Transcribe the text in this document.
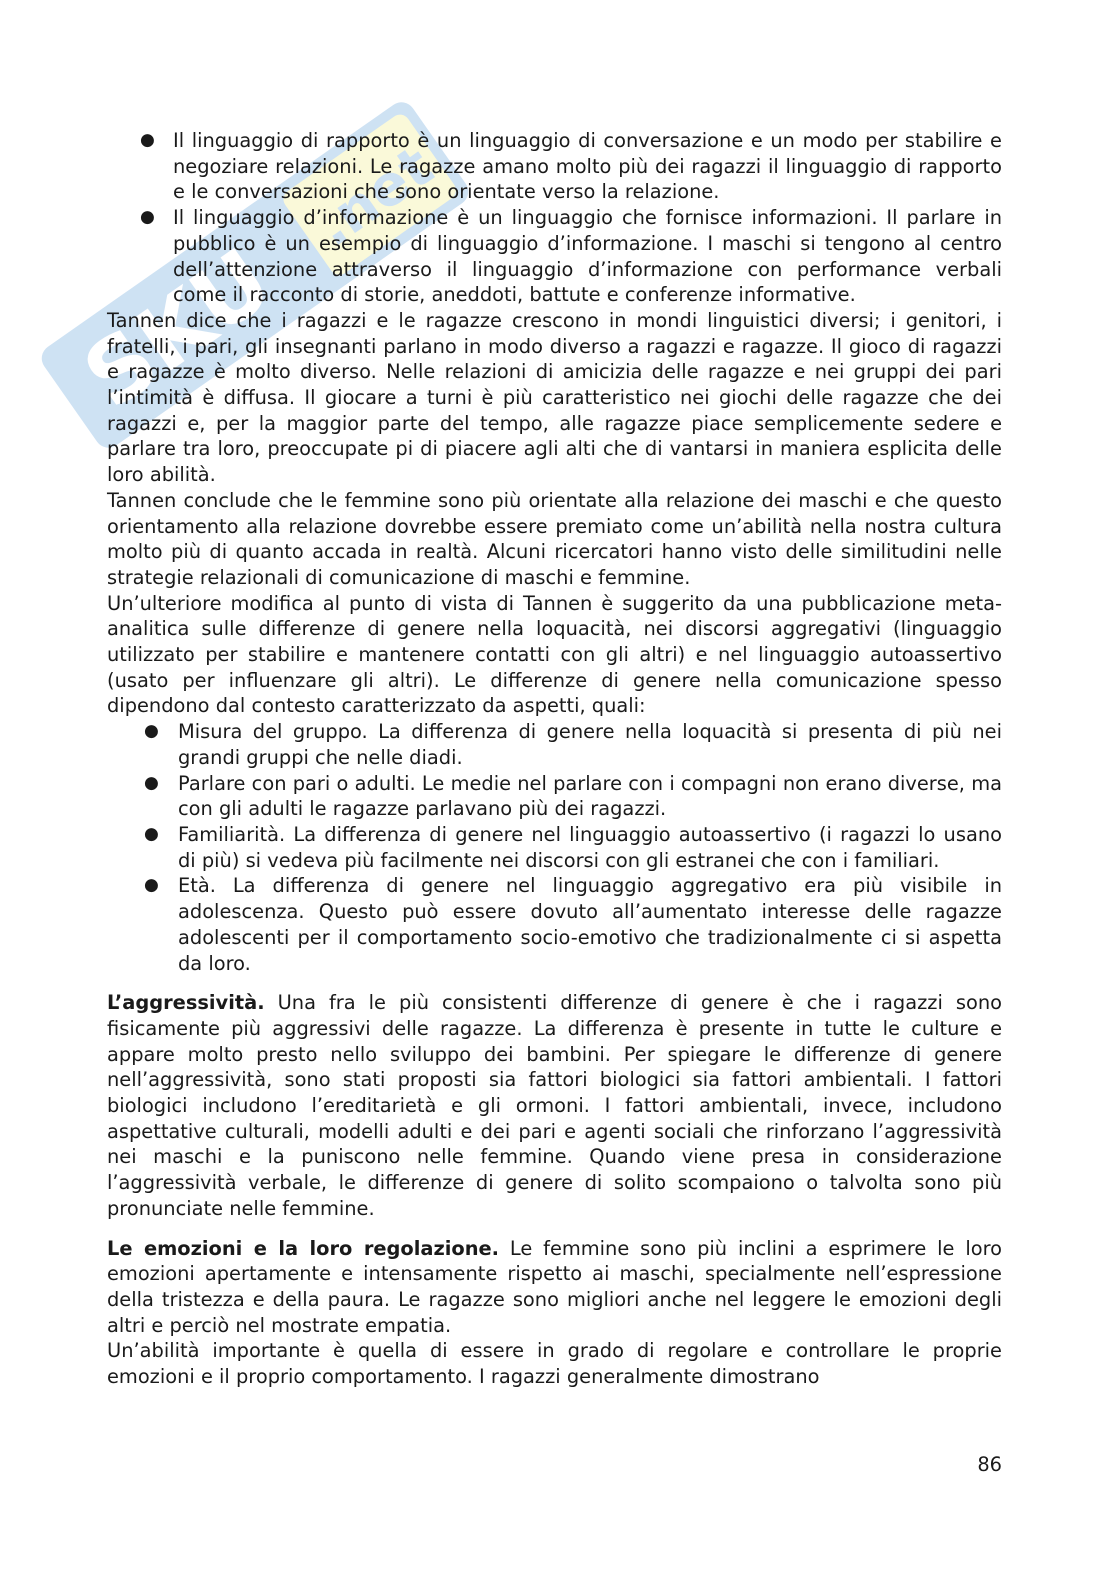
SKU
.net
● Il linguaggio di rapporto è un linguaggio di conversazione e un modo per stabilire e negoziare relazioni. Le ragazze amano molto più dei ragazzi il linguaggio di rapporto e le conversazioni che sono orientate verso la relazione.
● Il linguaggio d’informazione è un linguaggio che fornisce informazioni. Il parlare in pubblico è un esempio di linguaggio d’informazione. I maschi si tengono al centro dell’attenzione attraverso il linguaggio d’informazione con performance verbali come il racconto di storie, aneddoti, battute e conferenze informative.

Tannen dice che i ragazzi e le ragazze crescono in mondi linguistici diversi; i genitori, i fratelli, i pari, gli insegnanti parlano in modo diverso a ragazzi e ragazze. Il gioco di ragazzi e ragazze è molto diverso. Nelle relazioni di amicizia delle ragazze e nei gruppi dei pari l’intimità è diffusa. Il giocare a turni è più caratteristico nei giochi delle ragazze che dei ragazzi e, per la maggior parte del tempo, alle ragazze piace semplicemente sedere e parlare tra loro, preoccupate pi di piacere agli alti che di vantarsi in maniera esplicita delle loro abilità.

Tannen conclude che le femmine sono più orientate alla relazione dei maschi e che questo orientamento alla relazione dovrebbe essere premiato come un’abilità nella nostra cultura molto più di quanto accada in realtà. Alcuni ricercatori hanno visto delle similitudini nelle strategie relazionali di comunicazione di maschi e femmine.

Un’ulteriore modifica al punto di vista di Tannen è suggerito da una pubblicazione meta-analitica sulle differenze di genere nella loquacità, nei discorsi aggregativi (linguaggio utilizzato per stabilire e mantenere contatti con gli altri) e nel linguaggio autoassertivo (usato per influenzare gli altri). Le differenze di genere nella comunicazione spesso dipendono dal contesto caratterizzato da aspetti, quali:

● Misura del gruppo. La differenza di genere nella loquacità si presenta di più nei grandi gruppi che nelle diadi.
● Parlare con pari o adulti. Le medie nel parlare con i compagni non erano diverse, ma con gli adulti le ragazze parlavano più dei ragazzi.
● Familiarità. La differenza di genere nel linguaggio autoassertivo (i ragazzi lo usano di più) si vedeva più facilmente nei discorsi con gli estranei che con i familiari.
● Età. La differenza di genere nel linguaggio aggregativo era più visibile in adolescenza. Questo può essere dovuto all’aumentato interesse delle ragazze adolescenti per il comportamento socio-emotivo che tradizionalmente ci si aspetta da loro.

L’aggressività. Una fra le più consistenti differenze di genere è che i ragazzi sono fisicamente più aggressivi delle ragazze. La differenza è presente in tutte le culture e appare molto presto nello sviluppo dei bambini. Per spiegare le differenze di genere nell’aggressività, sono stati proposti sia fattori biologici sia fattori ambientali. I fattori biologici includono l’ereditarietà e gli ormoni. I fattori ambientali, invece, includono aspettative culturali, modelli adulti e dei pari e agenti sociali che rinforzano l’aggressività nei maschi e la puniscono nelle femmine. Quando viene presa in considerazione l’aggressività verbale, le differenze di genere di solito scompaiono o talvolta sono più pronunciate nelle femmine.

Le emozioni e la loro regolazione. Le femmine sono più inclini a esprimere le loro emozioni apertamente e intensamente rispetto ai maschi, specialmente nell’espressione della tristezza e della paura. Le ragazze sono migliori anche nel leggere le emozioni degli altri e perciò nel mostrate empatia.

Un’abilità importante è quella di essere in grado di regolare e controllare le proprie emozioni e il proprio comportamento. I ragazzi generalmente dimostrano

86
